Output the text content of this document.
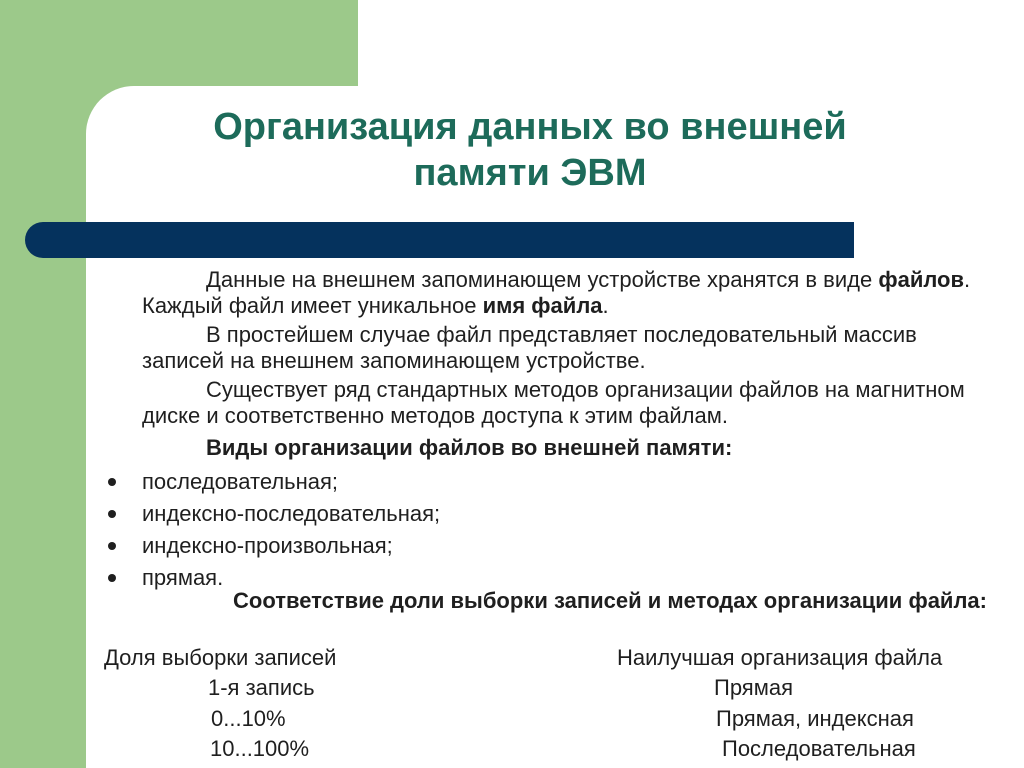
Организация данных во внешней
памяти ЭВМ

Данные на внешнем запоминающем устройстве хранятся в виде файлов. Каждый файл имеет уникальное имя файла.

В простейшем случае файл представляет последовательный массив записей на внешнем запоминающем устройстве.

Существует ряд стандартных методов организации файлов на магнитном диске и соответственно методов доступа к этим файлам.

Виды организации файлов во внешней памяти:
последовательная;
индексно-последовательная;
индексно-произвольная;
прямая.
Соответствие доли выборки записей и методах организации файла:
Доля выборки записей	Наилучшая организация файла
1-я запись	Прямая
0...10%	Прямая, индексная
10...100%	Последовательная
